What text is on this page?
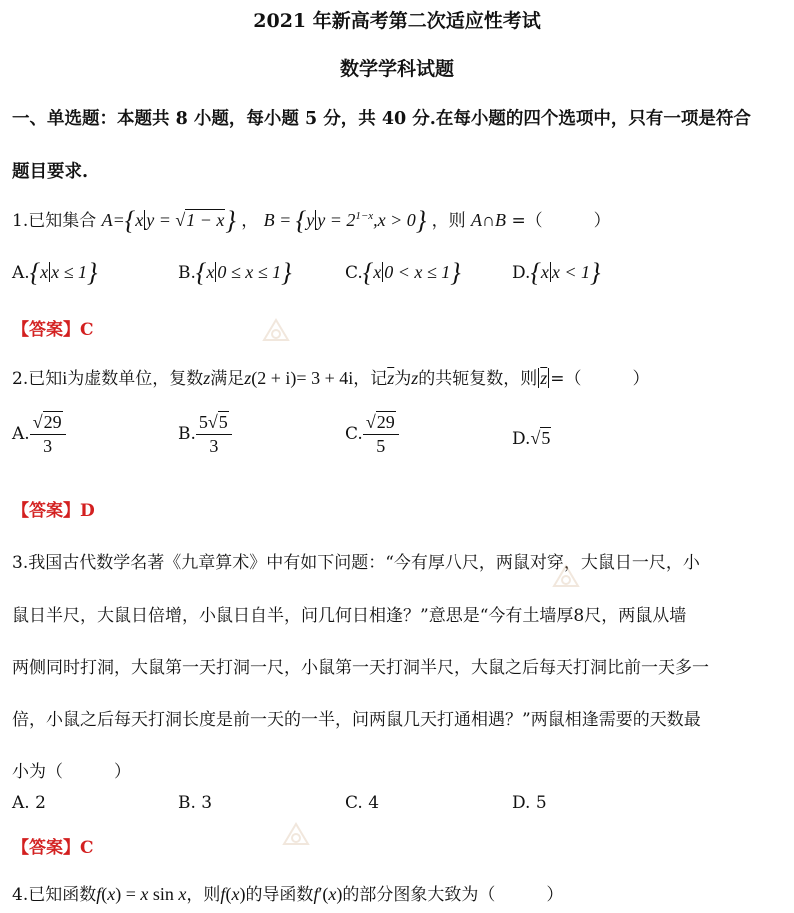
2021 年新高考第二次适应性考试
数学学科试题
一、单选题：本题共 8 小题，每小题 5 分，共 40 分.在每小题的四个选项中，只有一项是符合
题目要求.
1.已知集合 A={x y = √1 − x} ， B = {y $y = 2^{1-x},x > 0$} ，则 A∩B =（　　　）
A.{x x ≤ 1}	B.{x 0 ≤ x ≤ 1}	C.{x 0 < x ≤ 1}	D.{x x < 1}
【答案】C
2.已知i为虚数单位，复数z满足z(2 + i)= 3 + 4i，记$\overline{z}$为z的共轭复数，则 $\overline{z}$ =（　　　）
A. $\frac{√29}{3}$	B. $\frac{5√5}{3}$	C. $\frac{√29}{5}$	D.√5
【答案】D
3.我国古代数学名著《九章算术》中有如下问题：“今有厚八尺，两鼠对穿，大鼠日一尺，小
鼠日半尺，大鼠日倍增，小鼠日自半，问几何日相逢？”意思是“今有土墙厚8尺，两鼠从墙
两侧同时打洞，大鼠第一天打洞一尺，小鼠第一天打洞半尺，大鼠之后每天打洞比前一天多一
倍，小鼠之后每天打洞长度是前一天的一半，问两鼠几天打通相遇？”两鼠相逢需要的天数最
小为（　　　）
A. 2	B. 3	C. 4	D. 5
【答案】C
4.已知函数f(x) = x sin x，则f(x)的导函数f′(x)的部分图象大致为（　　　）
